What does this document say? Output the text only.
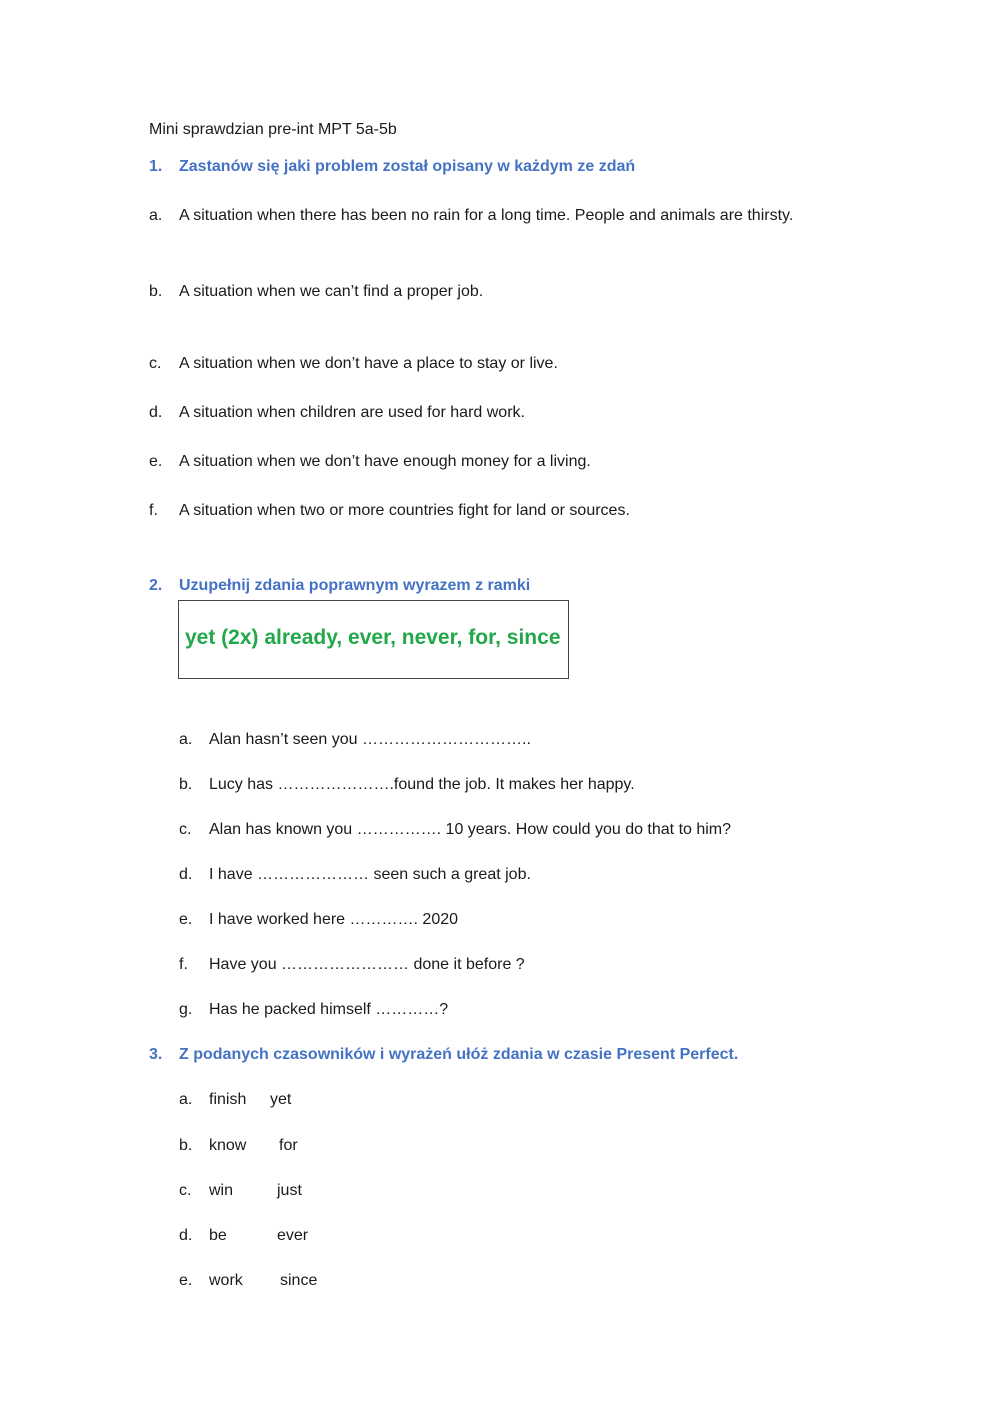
Mini sprawdzian pre-int MPT 5a-5b
1. Zastanów się jaki problem został opisany w każdym ze zdań
a. A situation when there has been no rain for a long time. People and animals are thirsty.
b. A situation when we can’t find a proper job.
c. A situation when we don’t have a place to stay or live.
d. A situation when children are used for hard work.
e. A situation when we don’t have enough money for a living.
f. A situation when two or more countries fight for land or sources.
2. Uzupełnij zdania poprawnym wyrazem z ramki
yet (2x) already, ever, never, for, since
a. Alan hasn’t seen you …………………………..
b. Lucy has ………………….found the job. It makes her happy.
c. Alan has known you ……………. 10 years. How could you do that to him?
d. I have ………………… seen such a great job.
e. I have worked here …………. 2020
f. Have you …………………… done it before ?
g. Has he packed himself …………?
3. Z podanych czasowników i wyrażeń ułóż zdania w czasie Present Perfect.
a. finish yet
b. know for
c. win	just
d. be	ever
e. work since
